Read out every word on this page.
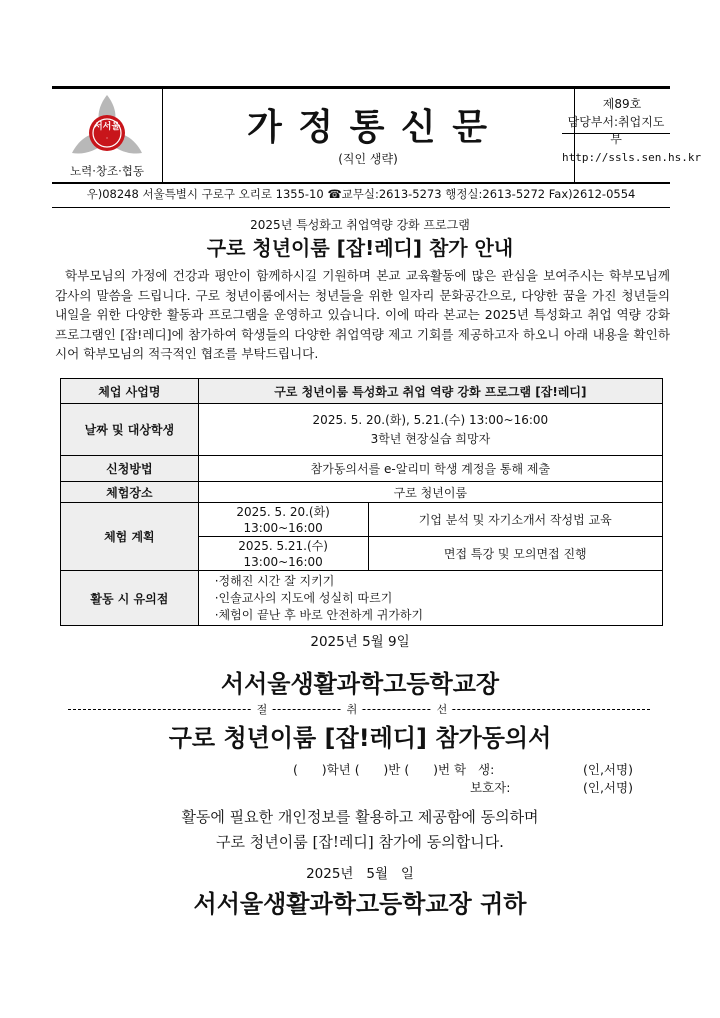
서서울
·
노력·창조·협동
가 정 통 신 문
(직인 생략)
제89호
담당부서:취업지도부
http://ssls.sen.hs.kr
우)08248 서울특별시 구로구 오리로 1355-10 ☎교무실:2613-5273 행정실:2613-5272 Fax)2612-0554
2025년 특성화고 취업역량 강화 프로그램
구로 청년이룸 [잡!레디] 참가 안내
학부모님의 가정에 건강과 평안이 함께하시길 기원하며 본교 교육활동에 많은 관심을 보여주시는 학부모님께 감사의 말씀을 드립니다. 구로 청년이룸에서는 청년들을 위한 일자리 문화공간으로, 다양한 꿈을 가진 청년들의 내일을 위한 다양한 활동과 프로그램을 운영하고 있습니다. 이에 따라 본교는 2025년 특성화고 취업 역량 강화 프로그램인 [잡!레디]에 참가하여 학생들의 다양한 취업역량 제고 기회를 제공하고자 하오니 아래 내용을 확인하시어 학부모님의 적극적인 협조를 부탁드립니다.
체업 사업명	구로 청년이룸 특성화고 취업 역량 강화 프로그램 [잡!레디]	
날짜 및 대상학생	2025. 5. 20.(화), 5.21.(수) 13:00~16:00
3학년 현장실습 희망자	

신청방법	참가동의서를 e-알리미 학생 계정을 통해 제출	
체험장소	구로 청년이룸	
체험 계획	2025. 5. 20.(화)
13:00~16:00	기업 분석 및 자기소개서 작성법 교육

	2025. 5.21.(수)
13:00~16:00	면접 특강 및 모의면접 진행
활동 시 유의점	·정해진 시간 잘 지키기
·인솔교사의 지도에 성실히 따르기
·체험이 끝난 후 바로 안전하게 귀가하기	
2025년 5월 9일
서서울생활과학고등학교장
절	취	선
구로 청년이룸 [잡!레디] 참가동의서
(      )학년 (      )반 (      )번 학   생:	(인,서명)
보호자:	(인,서명)
활동에 필요한 개인정보를 활용하고 제공함에 동의하며
구로 청년이룸 [잡!레디] 참가에 동의합니다.
2025년   5월   일
서서울생활과학고등학교장 귀하
